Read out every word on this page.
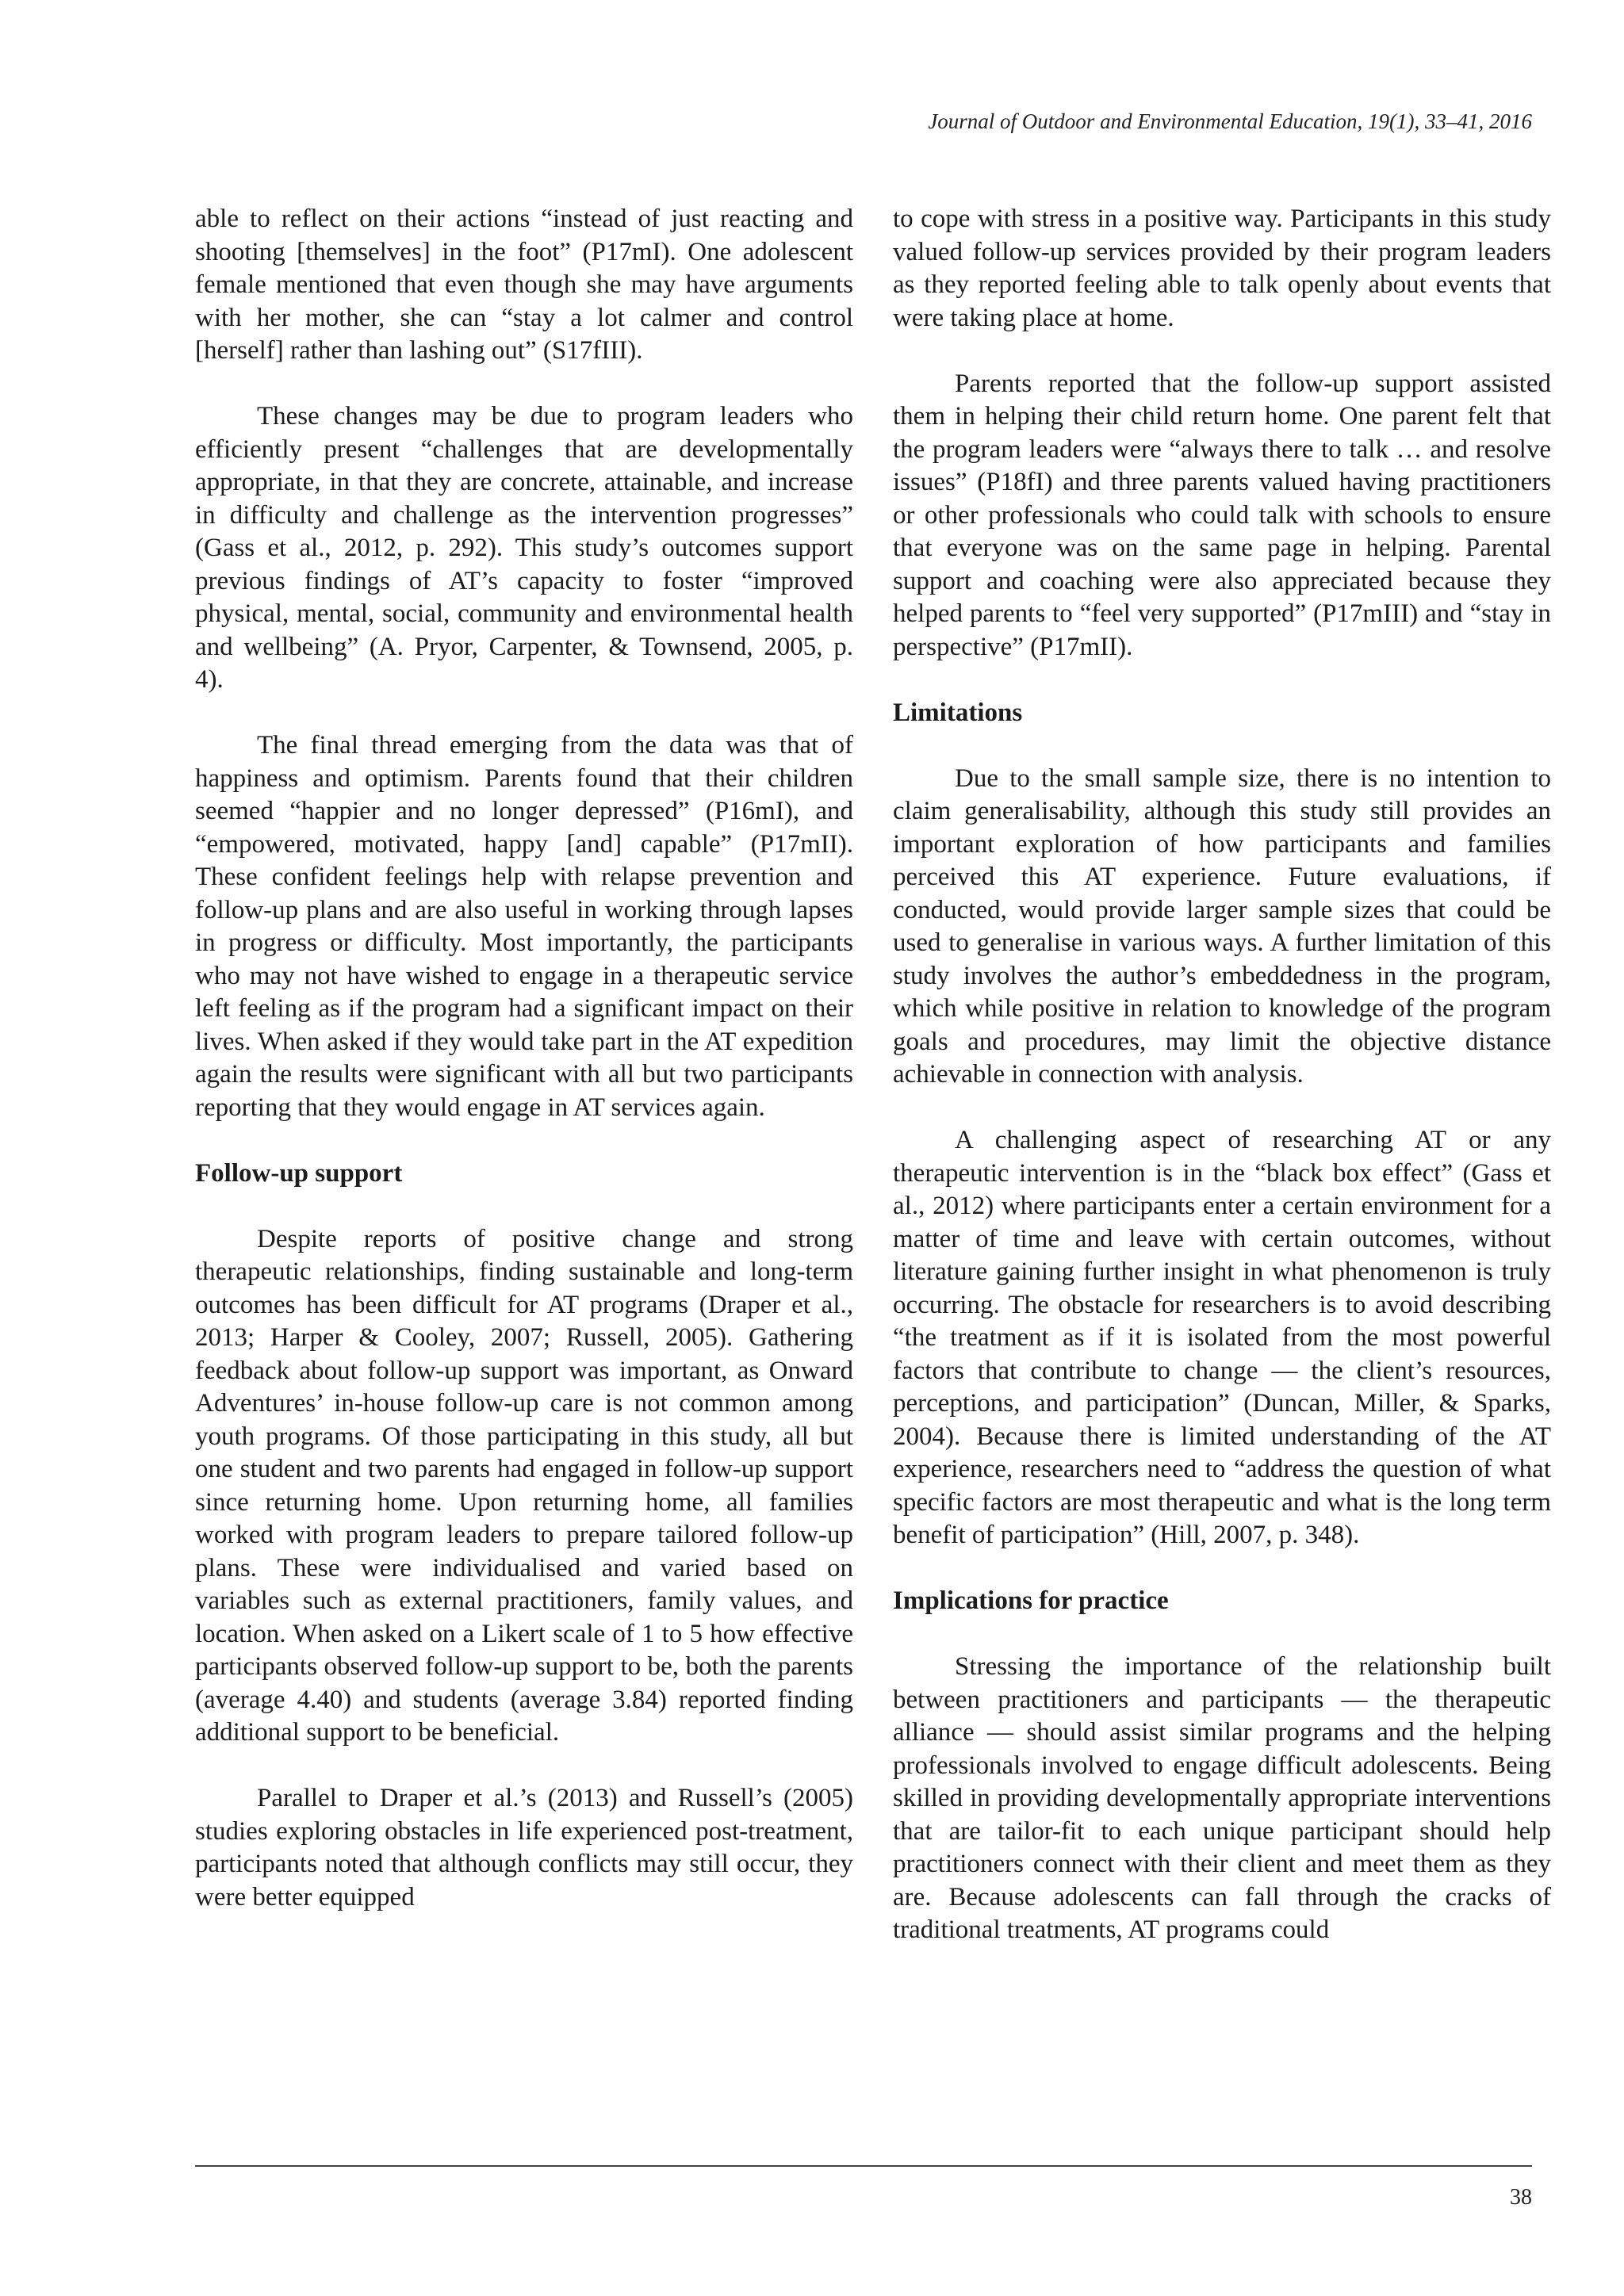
Journal of Outdoor and Environmental Education, 19(1), 33–41, 2016

able to reflect on their actions “instead of just reacting and shooting [themselves] in the foot” (P17mI). One adolescent female mentioned that even though she may have arguments with her mother, she can “stay a lot calmer and control [herself] rather than lashing out” (S17fIII).

These changes may be due to program leaders who efficiently present “challenges that are developmentally appropriate, in that they are concrete, attainable, and increase in difficulty and challenge as the intervention progresses” (Gass et al., 2012, p. 292). This study’s outcomes support previous findings of AT’s capacity to foster “improved physical, mental, social, community and environmental health and wellbeing” (A. Pryor, Carpenter, & Townsend, 2005, p. 4).

The final thread emerging from the data was that of happiness and optimism. Parents found that their children seemed “happier and no longer depressed” (P16mI), and “empowered, motivated, happy [and] capable” (P17mII). These confident feelings help with relapse prevention and follow-up plans and are also useful in working through lapses in progress or difficulty. Most importantly, the participants who may not have wished to engage in a therapeutic service left feeling as if the program had a significant impact on their lives. When asked if they would take part in the AT expedition again the results were significant with all but two participants reporting that they would engage in AT services again.

Follow-up support

Despite reports of positive change and strong therapeutic relationships, finding sustainable and long-term outcomes has been difficult for AT programs (Draper et al., 2013; Harper & Cooley, 2007; Russell, 2005). Gathering feedback about follow-up support was important, as Onward Adventures’ in-house follow-up care is not common among youth programs. Of those participating in this study, all but one student and two parents had engaged in follow-up support since returning home. Upon returning home, all families worked with program leaders to prepare tailored follow-up plans. These were individualised and varied based on variables such as external practitioners, family values, and location. When asked on a Likert scale of 1 to 5 how effective participants observed follow-up support to be, both the parents (average 4.40) and students (average 3.84) reported finding additional support to be beneficial.

Parallel to Draper et al.’s (2013) and Russell’s (2005) studies exploring obstacles in life experienced post-treatment, participants noted that although conflicts may still occur, they were better equipped

to cope with stress in a positive way. Participants in this study valued follow-up services provided by their program leaders as they reported feeling able to talk openly about events that were taking place at home.

Parents reported that the follow-up support assisted them in helping their child return home. One parent felt that the program leaders were “always there to talk … and resolve issues” (P18fI) and three parents valued having practitioners or other professionals who could talk with schools to ensure that everyone was on the same page in helping. Parental support and coaching were also appreciated because they helped parents to “feel very supported” (P17mIII) and “stay in perspective” (P17mII).

Limitations

Due to the small sample size, there is no intention to claim generalisability, although this study still provides an important exploration of how participants and families perceived this AT experience. Future evaluations, if conducted, would provide larger sample sizes that could be used to generalise in various ways. A further limitation of this study involves the author’s embeddedness in the program, which while positive in relation to knowledge of the program goals and procedures, may limit the objective distance achievable in connection with analysis.

A challenging aspect of researching AT or any therapeutic intervention is in the “black box effect” (Gass et al., 2012) where participants enter a certain environment for a matter of time and leave with certain outcomes, without literature gaining further insight in what phenomenon is truly occurring. The obstacle for researchers is to avoid describing “the treatment as if it is isolated from the most powerful factors that contribute to change — the client’s resources, perceptions, and participation” (Duncan, Miller, & Sparks, 2004). Because there is limited understanding of the AT experience, researchers need to “address the question of what specific factors are most therapeutic and what is the long term benefit of participation” (Hill, 2007, p. 348).

Implications for practice

Stressing the importance of the relationship built between practitioners and participants — the therapeutic alliance — should assist similar programs and the helping professionals involved to engage difficult adolescents. Being skilled in providing developmentally appropriate interventions that are tailor-fit to each unique participant should help practitioners connect with their client and meet them as they are. Because adolescents can fall through the cracks of traditional treatments, AT programs could

38
